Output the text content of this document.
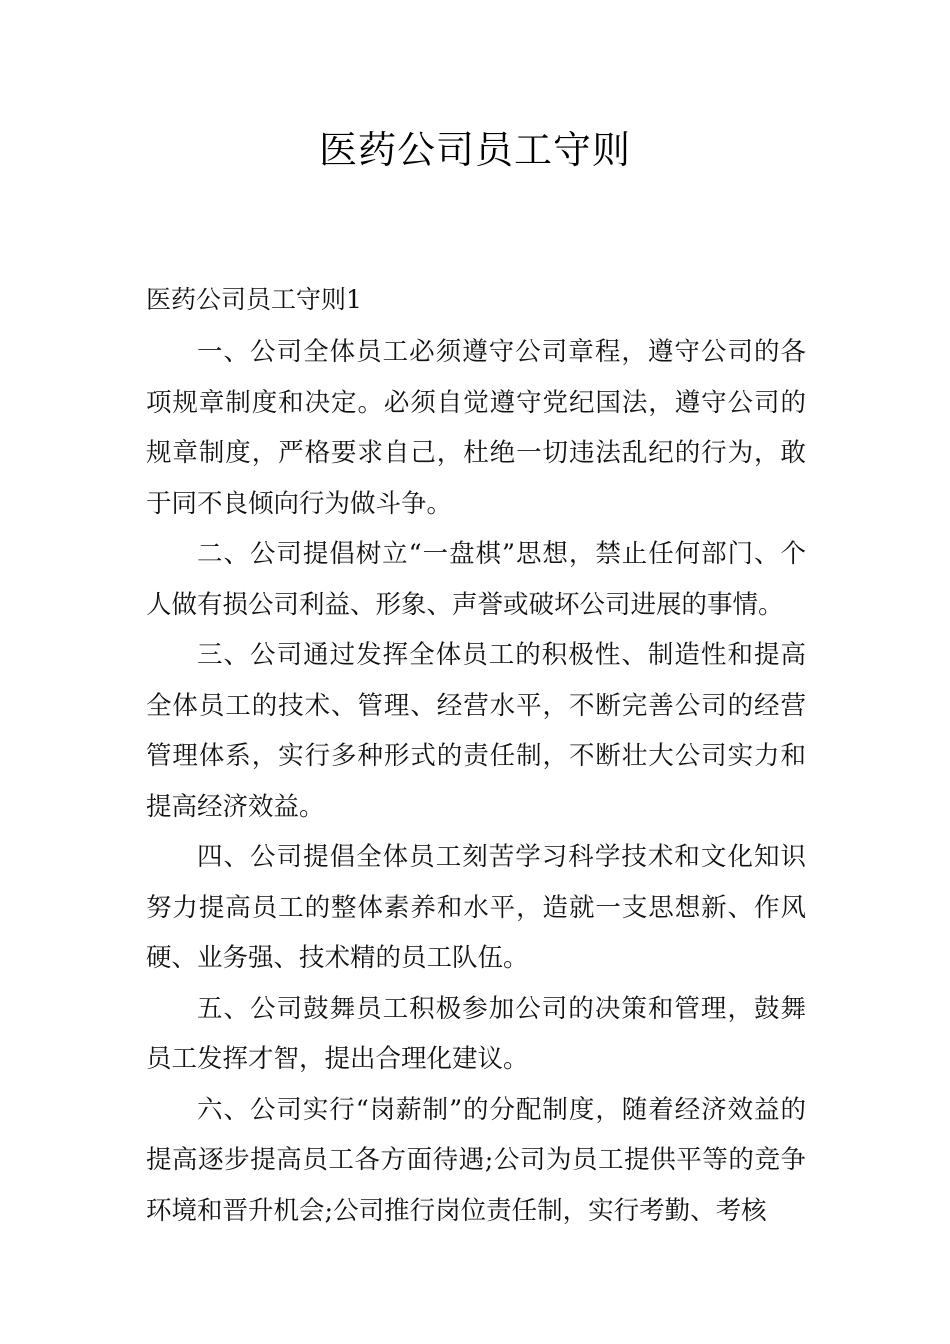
医药公司员工守则
医药公司员工守则1

一、公司全体员工必须遵守公司章程，遵守公司的各项规章制度和决定。必须自觉遵守党纪国法，遵守公司的规章制度，严格要求自己，杜绝一切违法乱纪的行为，敢于同不良倾向行为做斗争。

二、公司提倡树立“一盘棋”思想，禁止任何部门、个人做有损公司利益、形象、声誉或破坏公司进展的事情。

三、公司通过发挥全体员工的积极性、制造性和提高全体员工的技术、管理、经营水平，不断完善公司的经营管理体系，实行多种形式的责任制，不断壮大公司实力和提高经济效益。

四、公司提倡全体员工刻苦学习科学技术和文化知识努力提高员工的整体素养和水平，造就一支思想新、作风硬、业务强、技术精的员工队伍。

五、公司鼓舞员工积极参加公司的决策和管理，鼓舞员工发挥才智，提出合理化建议。

六、公司实行“岗薪制”的分配制度，随着经济效益的提高逐步提高员工各方面待遇;公司为员工提供平等的竞争环境和晋升机会;公司推行岗位责任制，实行考勤、考核
